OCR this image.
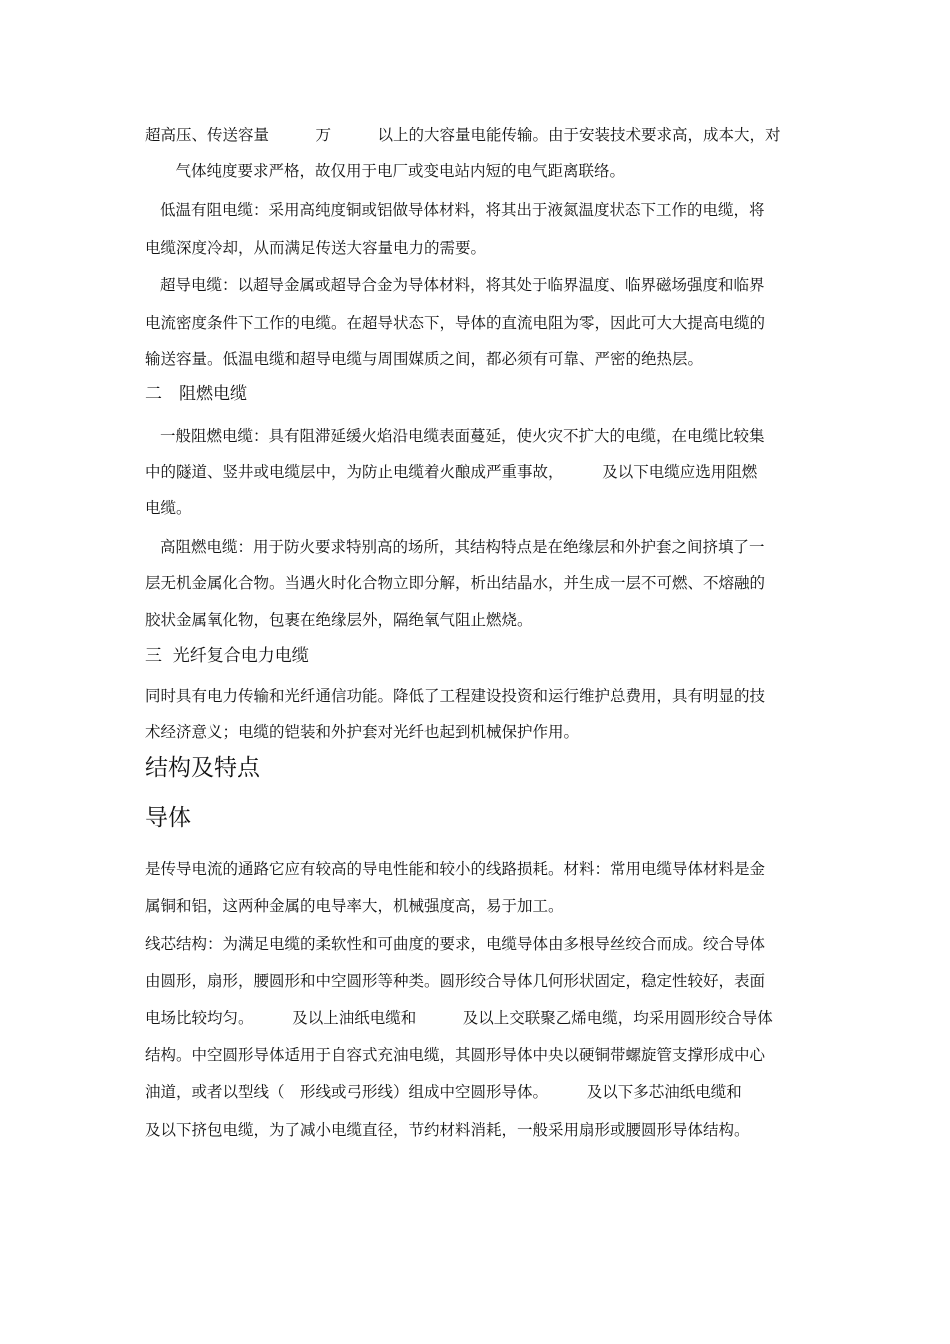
超高压、传送容量　　　万　　　以上的大容量电能传输。由于安装技术要求高，成本大，对
　气体纯度要求严格，故仅用于电厂或变电站内短的电气距离联络。
低温有阻电缆：采用高纯度铜或铝做导体材料，将其出于液氮温度状态下工作的电缆，将
电缆深度冷却，从而满足传送大容量电力的需要。
超导电缆：以超导金属或超导合金为导体材料，将其处于临界温度、临界磁场强度和临界
电流密度条件下工作的电缆。在超导状态下，导体的直流电阻为零，因此可大大提高电缆的
输送容量。低温电缆和超导电缆与周围媒质之间，都必须有可靠、严密的绝热层。
二　阻燃电缆
一般阻燃电缆：具有阻滞延缓火焰沿电缆表面蔓延，使火灾不扩大的电缆，在电缆比较集
中的隧道、竖井或电缆层中，为防止电缆着火酿成严重事故，　　　及以下电缆应选用阻燃
电缆。
高阻燃电缆：用于防火要求特别高的场所，其结构特点是在绝缘层和外护套之间挤填了一
层无机金属化合物。当遇火时化合物立即分解，析出结晶水，并生成一层不可燃、不熔融的
胶状金属氧化物，包裹在绝缘层外，隔绝氧气阻止燃烧。
三  光纤复合电力电缆
同时具有电力传输和光纤通信功能。降低了工程建设投资和运行维护总费用，具有明显的技
术经济意义；电缆的铠装和外护套对光纤也起到机械保护作用。
结构及特点
导体
是传导电流的通路它应有较高的导电性能和较小的线路损耗。材料：常用电缆导体材料是金
属铜和铝，这两种金属的电导率大，机械强度高，易于加工。
线芯结构：为满足电缆的柔软性和可曲度的要求，电缆导体由多根导丝绞合而成。绞合导体
由圆形，扇形，腰圆形和中空圆形等种类。圆形绞合导体几何形状固定，稳定性较好，表面
电场比较均匀。　　　及以上油纸电缆和　　　及以上交联聚乙烯电缆，均采用圆形绞合导体
结构。中空圆形导体适用于自容式充油电缆，其圆形导体中央以硬铜带螺旋管支撑形成中心
油道，或者以型线（　形线或弓形线）组成中空圆形导体。　　　及以下多芯油纸电缆和
及以下挤包电缆，为了减小电缆直径，节约材料消耗，一般采用扇形或腰圆形导体结构。
